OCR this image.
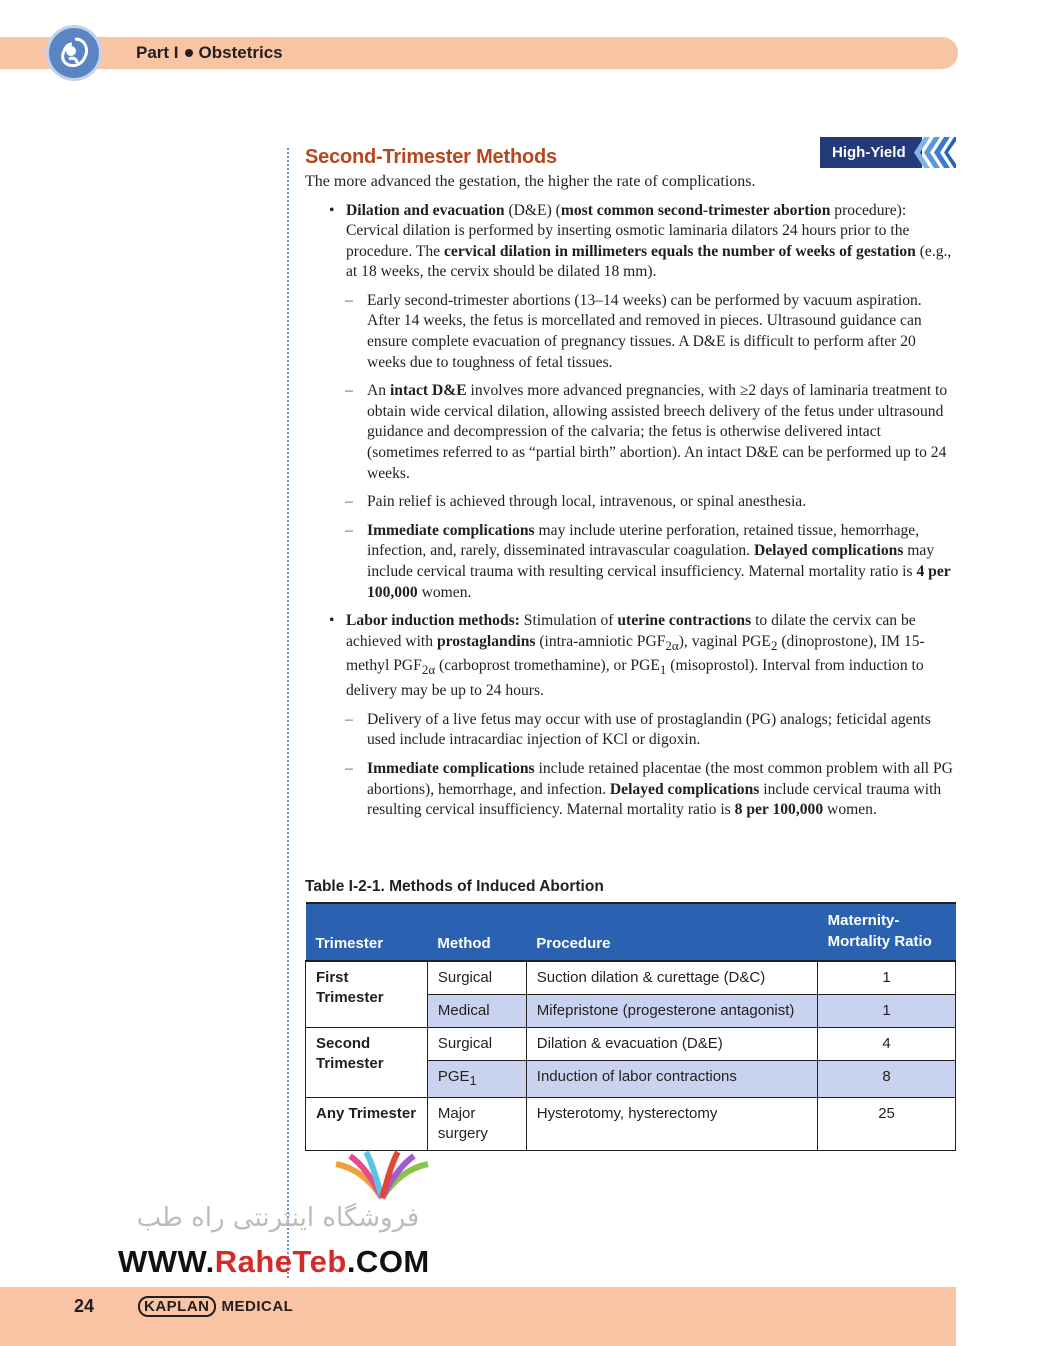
Part I Obstetrics
High-Yield
Second-Trimester Methods

The more advanced the gestation, the higher the rate of complications.

• Dilation and evacuation (D&E) (most common second-trimester abortion procedure): Cervical dilation is performed by inserting osmotic laminaria dilators 24 hours prior to the procedure. The cervical dilation in millimeters equals the number of weeks of gestation (e.g., at 18 weeks, the cervix should be dilated 18 mm).

– Early second-trimester abortions (13–14 weeks) can be performed by vacuum aspiration. After 14 weeks, the fetus is morcellated and removed in pieces. Ultrasound guidance can ensure complete evacuation of pregnancy tissues. A D&E is difficult to perform after 20 weeks due to toughness of fetal tissues.

– An intact D&E involves more advanced pregnancies, with ≥2 days of laminaria treatment to obtain wide cervical dilation, allowing assisted breech delivery of the fetus under ultrasound guidance and decompression of the calvaria; the fetus is otherwise delivered intact (sometimes referred to as “partial birth” abortion). An intact D&E can be performed up to 24 weeks.

– Pain relief is achieved through local, intravenous, or spinal anesthesia.

– Immediate complications may include uterine perforation, retained tissue, hemorrhage, infection, and, rarely, disseminated intravascular coagulation. Delayed complications may include cervical trauma with resulting cervical insufficiency. Maternal mortality ratio is 4 per 100,000 women.

• Labor induction methods: Stimulation of uterine contractions to dilate the cervix can be achieved with prostaglandins (intra-amniotic $PGF_{2\alpha}$), vaginal $PGE_2$ (dinoprostone), IM 15-methyl $PGF_{2\alpha}$ (carboprost tromethamine), or $PGE_1$ (misoprostol). Interval from induction to delivery may be up to 24 hours.

– Delivery of a live fetus may occur with use of prostaglandin (PG) analogs; feticidal agents used include intracardiac injection of KCl or digoxin.

– Immediate complications include retained placentae (the most common problem with all PG abortions), hemorrhage, and infection. Delayed complications include cervical trauma with resulting cervical insufficiency. Maternal mortality ratio is 8 per 100,000 women.

Table I-2-1. Methods of Induced Abortion
Trimester	Method	Procedure	Maternity-Mortality Ratio
First Trimester	Surgical	Suction dilation & curettage (D&C)	1
	Medical	Mifepristone (progesterone antagonist)	1
Second Trimester	Surgical	Dilation & evacuation (D&E)	4
	$PGE_1$	Induction of labor contractions	8
Any Trimester	Major surgery	Hysterotomy, hysterectomy	25
فروشگاه اینترنتی راه طب
WWW.RaheTeb.COM
24	KAPLAN MEDICAL
